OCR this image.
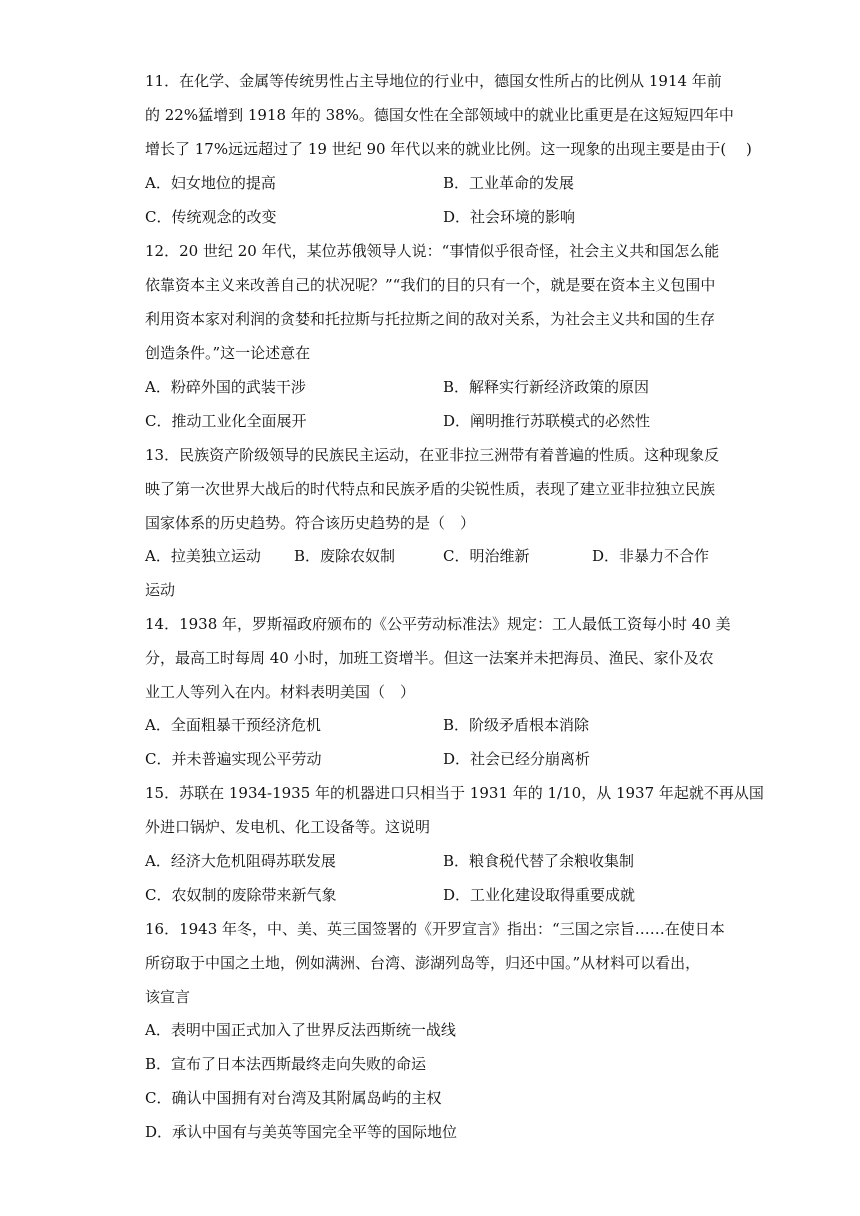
11．在化学、金属等传统男性占主导地位的行业中，德国女性所占的比例从 1914 年前
的 22%猛增到 1918 年的 38%。德国女性在全部领域中的就业比重更是在这短短四年中
增长了 17%远远超过了 19 世纪 90 年代以来的就业比例。这一现象的出现主要是由于(　 )
A．妇女地位的提高	B．工业革命的发展
C．传统观念的改变	D．社会环境的影响
12．20 世纪 20 年代，某位苏俄领导人说：“事情似乎很奇怪，社会主义共和国怎么能
依靠资本主义来改善自己的状况呢？”“我们的目的只有一个，就是要在资本主义包围中
利用资本家对利润的贪婪和托拉斯与托拉斯之间的敌对关系，为社会主义共和国的生存
创造条件。”这一论述意在
A．粉碎外国的武装干涉	B．解释实行新经济政策的原因
C．推动工业化全面展开	D．阐明推行苏联模式的必然性
13．民族资产阶级领导的民族民主运动，在亚非拉三洲带有着普遍的性质。这种现象反
映了第一次世界大战后的时代特点和民族矛盾的尖锐性质，表现了建立亚非拉独立民族
国家体系的历史趋势。符合该历史趋势的是（　）
A．拉美独立运动 B．废除农奴制	C．明治维新	D．非暴力不合作
运动
14．1938 年，罗斯福政府颁布的《公平劳动标准法》规定：工人最低工资每小时 40 美
分，最高工时每周 40 小时，加班工资增半。但这一法案并未把海员、渔民、家仆及农
业工人等列入在内。材料表明美国（　）
A．全面粗暴干预经济危机	B．阶级矛盾根本消除
C．并未普遍实现公平劳动	D．社会已经分崩离析
15．苏联在 1934-1935 年的机器进口只相当于 1931 年的 1/10，从 1937 年起就不再从国
外进口锅炉、发电机、化工设备等。这说明
A．经济大危机阻碍苏联发展	B．粮食税代替了余粮收集制
C．农奴制的废除带来新气象	D．工业化建设取得重要成就
16．1943 年冬，中、美、英三国签署的《开罗宣言》指出：“三国之宗旨……在使日本
所窃取于中国之土地，例如满洲、台湾、澎湖列岛等，归还中国。”从材料可以看出，
该宣言
A．表明中国正式加入了世界反法西斯统一战线
B．宣布了日本法西斯最终走向失败的命运
C．确认中国拥有对台湾及其附属岛屿的主权
D．承认中国有与美英等国完全平等的国际地位
